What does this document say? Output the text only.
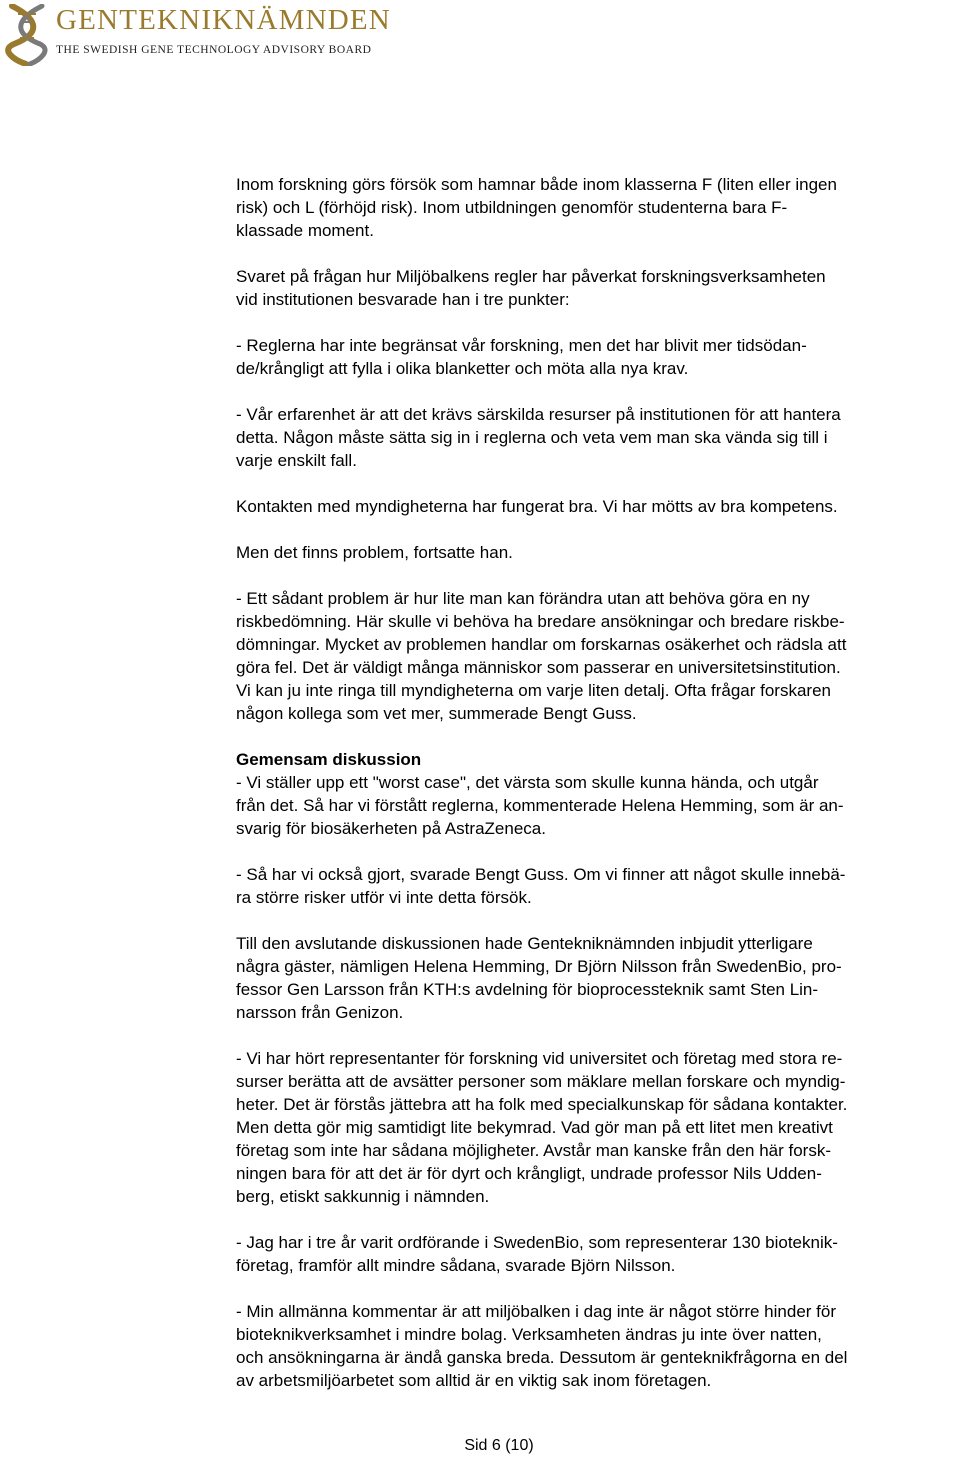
GENTEKNIKNÄMNDEN
THE SWEDISH GENE TECHNOLOGY ADVISORY BOARD

Inom forskning görs försök som hamnar både inom klasserna F (liten eller ingen
risk) och L (förhöjd risk). Inom utbildningen genomför studenterna bara F-
klassade moment.

Svaret på frågan hur Miljöbalkens regler har påverkat forskningsverksamheten
vid institutionen besvarade han i tre punkter:

- Reglerna har inte begränsat vår forskning, men det har blivit mer tidsödan-
de/krångligt att fylla i olika blanketter och möta alla nya krav.

- Vår erfarenhet är att det krävs särskilda resurser på institutionen för att hantera
detta. Någon måste sätta sig in i reglerna och veta vem man ska vända sig till i
varje enskilt fall.

Kontakten med myndigheterna har fungerat bra. Vi har mötts av bra kompetens.

Men det finns problem, fortsatte han.

- Ett sådant problem är hur lite man kan förändra utan att behöva göra en ny
riskbedömning. Här skulle vi behöva ha bredare ansökningar och bredare riskbe-
dömningar. Mycket av problemen handlar om forskarnas osäkerhet och rädsla att
göra fel. Det är väldigt många människor som passerar en universitetsinstitution.
Vi kan ju inte ringa till myndigheterna om varje liten detalj. Ofta frågar forskaren
någon kollega som vet mer, summerade Bengt Guss.

Gemensam diskussion

- Vi ställer upp ett "worst case", det värsta som skulle kunna hända, och utgår
från det. Så har vi förstått reglerna, kommenterade Helena Hemming, som är an-
svarig för biosäkerheten på AstraZeneca.

- Så har vi också gjort, svarade Bengt Guss. Om vi finner att något skulle innebä-
ra större risker utför vi inte detta försök.

Till den avslutande diskussionen hade Gentekniknämnden inbjudit ytterligare
några gäster, nämligen Helena Hemming, Dr Björn Nilsson från SwedenBio, pro-
fessor Gen Larsson från KTH:s avdelning för bioprocessteknik samt Sten Lin-
narsson från Genizon.

- Vi har hört representanter för forskning vid universitet och företag med stora re-
surser berätta att de avsätter personer som mäklare mellan forskare och myndig-
heter. Det är förstås jättebra att ha folk med specialkunskap för sådana kontakter.
Men detta gör mig samtidigt lite bekymrad. Vad gör man på ett litet men kreativt
företag som inte har sådana möjligheter. Avstår man kanske från den här forsk-
ningen bara för att det är för dyrt och krångligt, undrade professor Nils Udden-
berg, etiskt sakkunnig i nämnden.

- Jag har i tre år varit ordförande i SwedenBio, som representerar 130 bioteknik-
företag, framför allt mindre sådana, svarade Björn Nilsson.

- Min allmänna kommentar är att miljöbalken i dag inte är något större hinder för
bioteknikverksamhet i mindre bolag. Verksamheten ändras ju inte över natten,
och ansökningarna är ändå ganska breda. Dessutom är genteknikfrågorna en del
av arbetsmiljöarbetet som alltid är en viktig sak inom företagen.

Sid 6 (10)
